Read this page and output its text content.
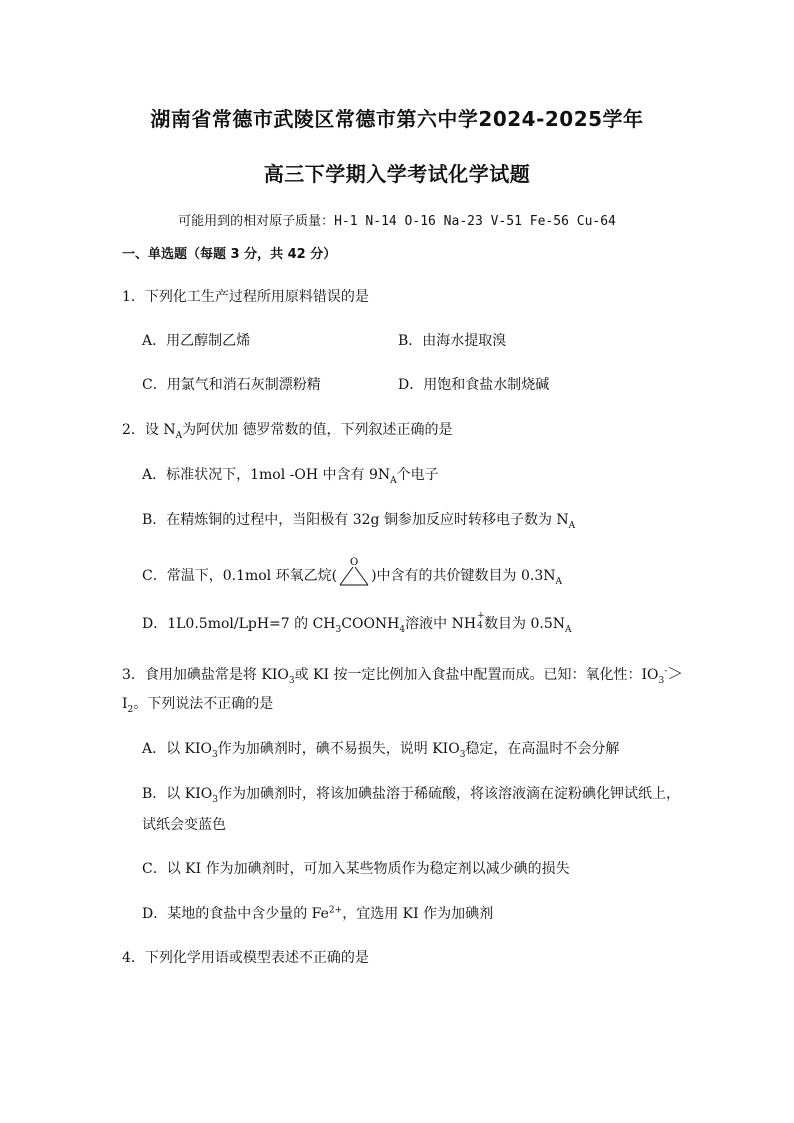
湖南省常德市武陵区常德市第六中学2024-2025学年
高三下学期入学考试化学试题
可能用到的相对原子质量：H-1 N-14 O-16 Na-23 V-51 Fe-56 Cu-64
一、单选题（每题 3 分，共 42 分）
1．下列化工生产过程所用原料错误的是
A．用乙醇制乙烯	B．由海水提取溴
C．用氯气和消石灰制漂粉精	D．用饱和食盐水制烧碱
2．设 $N_A$为阿伏加 德罗常数的值，下列叙述正确的是
A．标准状况下，1mol -OH 中含有 $9N_A$个电子
B．在精炼铜的过程中，当阳极有 32g 铜参加反应时转移电子数为 $N_A$
C．常温下，0.1mol 环氧乙烷(
O
)中含有的共价键数目为 $0.3N_A$
D．1L0.5mol/LpH=7 的 $CH_3COONH_4$溶液中 NH +
4 数目为 $0.5N_A$
3．食用加碘盐常是将 $KIO_3$或 KI 按一定比例加入食盐中配置而成。已知：氧化性：$IO_3^->$
$I_2$。下列说法不正确的是
A．以 $KIO_3$作为加碘剂时，碘不易损失，说明 $KIO_3$稳定，在高温时不会分解
B．以 $KIO_3$作为加碘剂时，将该加碘盐溶于稀硫酸，将该溶液滴在淀粉碘化钾试纸上，
试纸会变蓝色
C．以 KI 作为加碘剂时，可加入某些物质作为稳定剂以减少碘的损失
D．某地的食盐中含少量的 $Fe^{2+}$，宜选用 KI 作为加碘剂
4．下列化学用语或模型表述不正确的是
